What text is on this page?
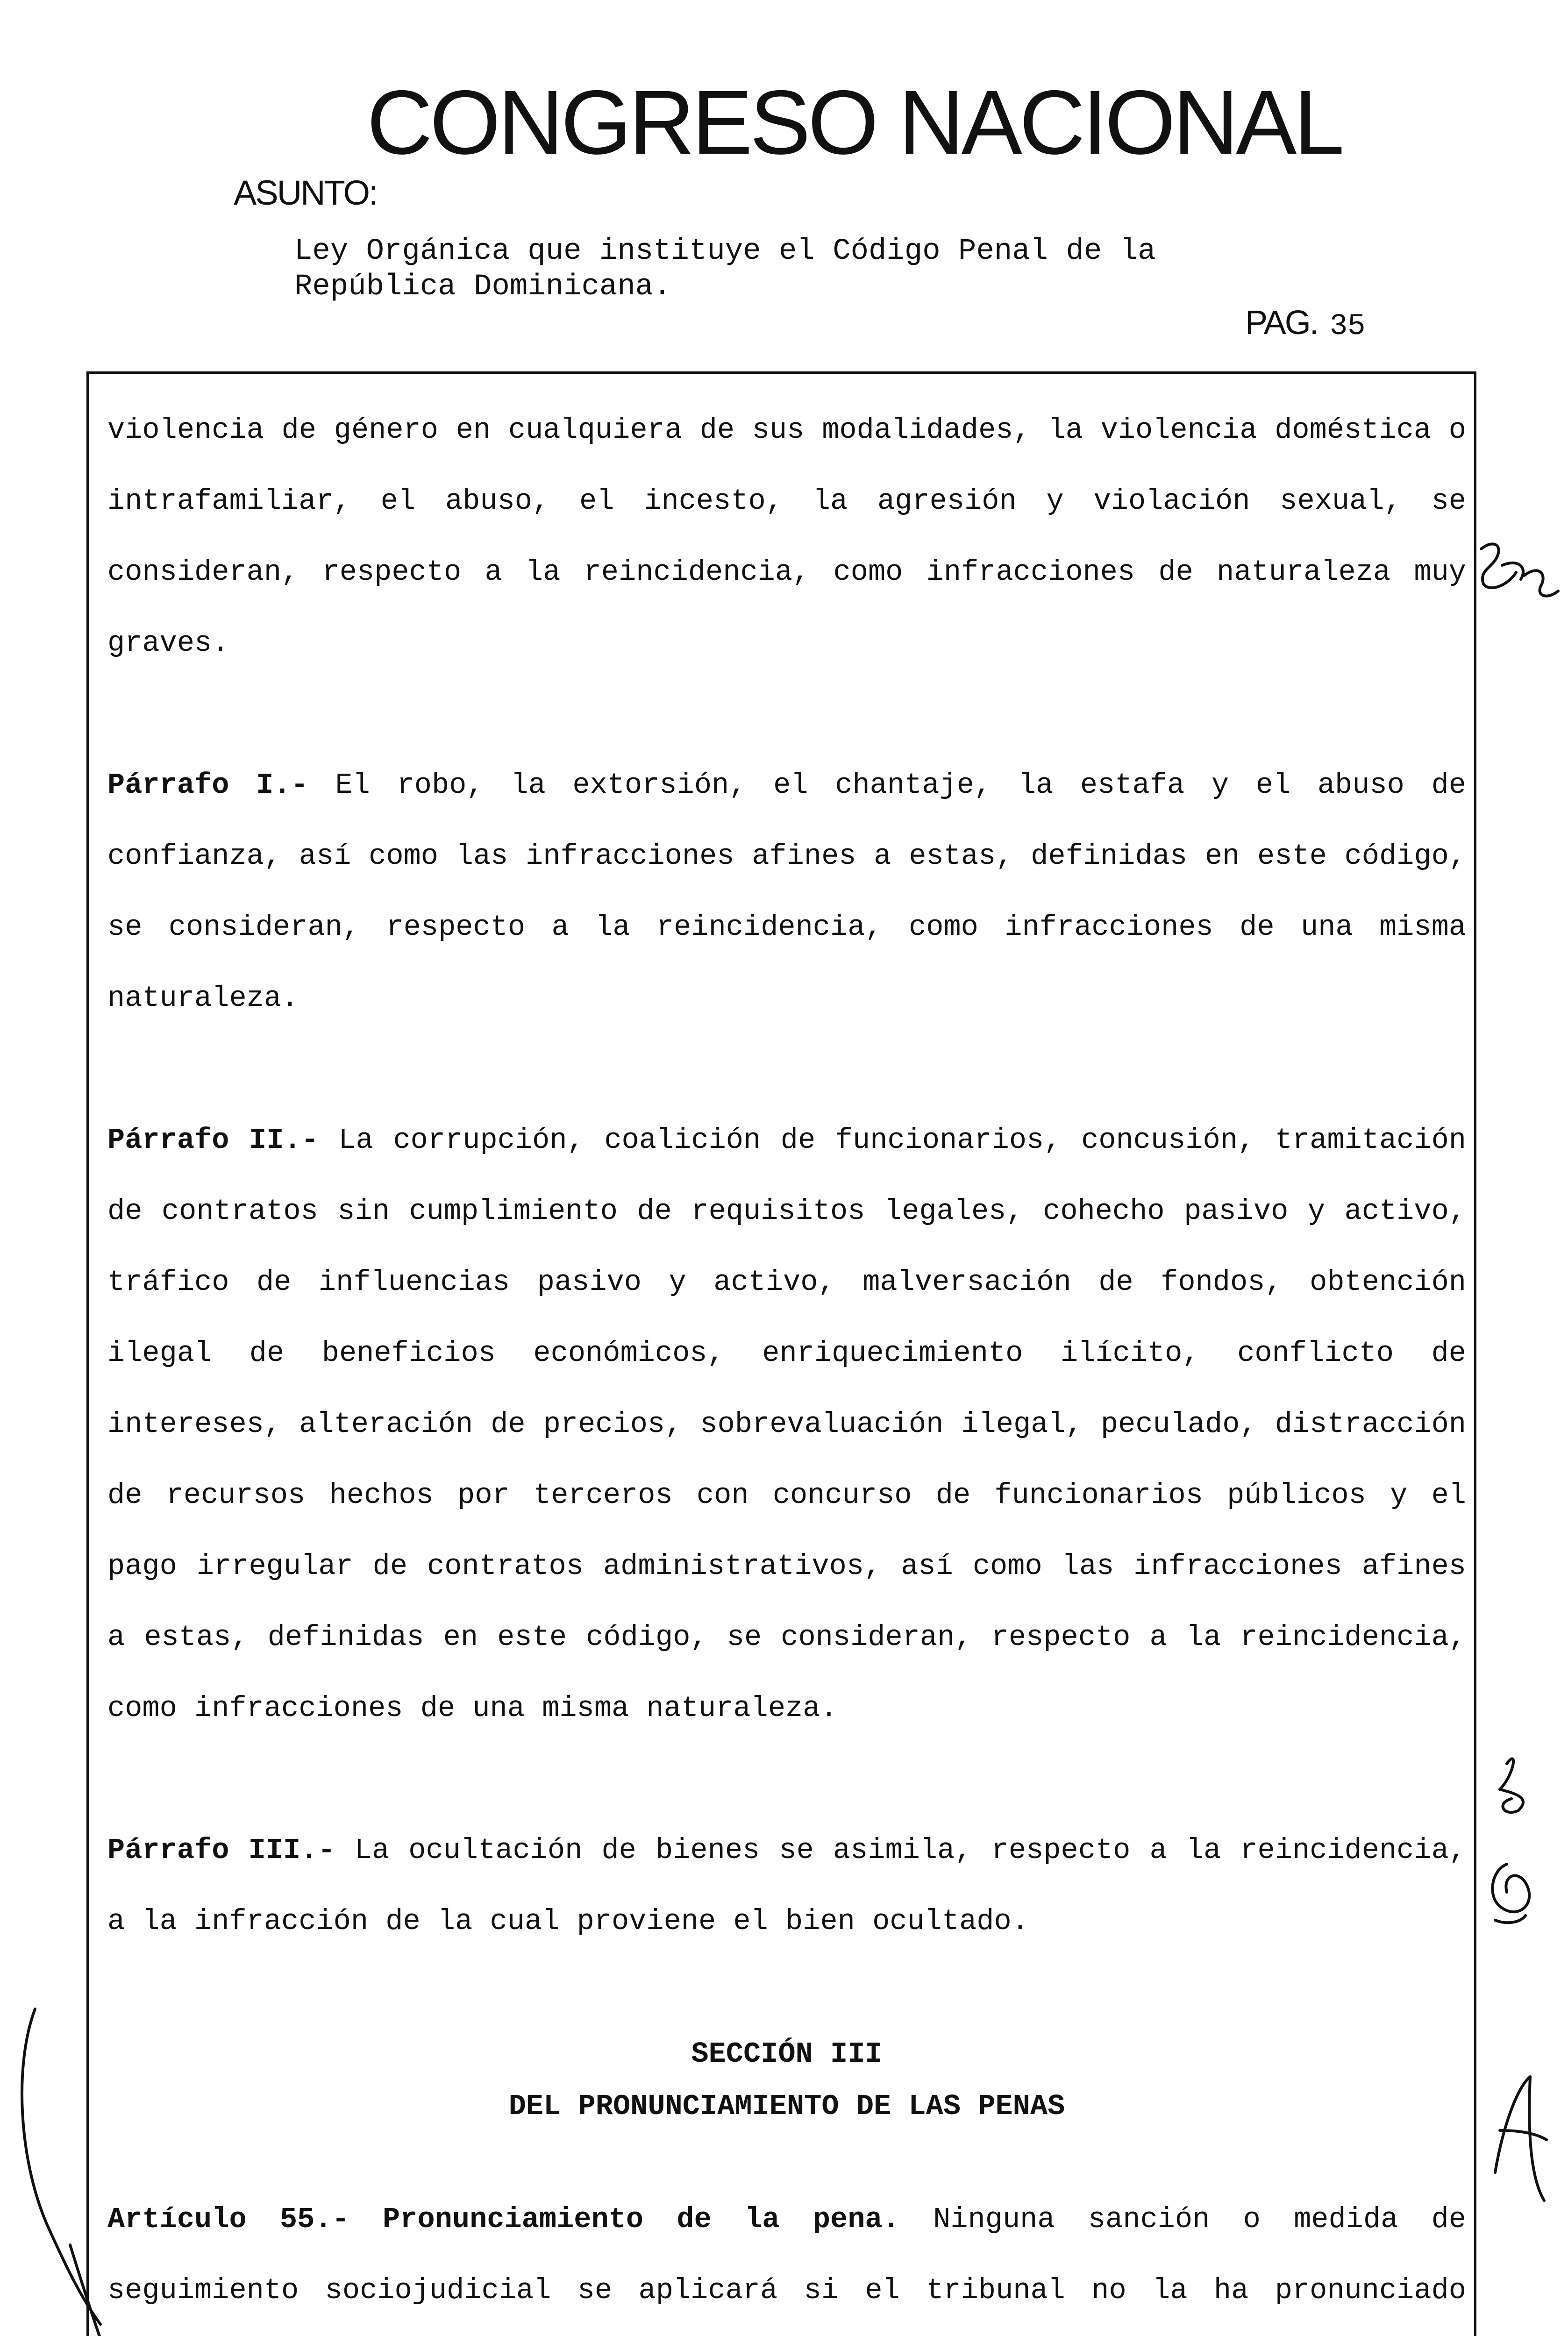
CONGRESO NACIONAL
ASUNTO:
Ley Orgánica que instituye el Código Penal de la República Dominicana.
PAG. 35

violencia de género en cualquiera de sus modalidades, la violencia doméstica o intrafamiliar, el abuso, el incesto, la agresión y violación sexual, se consideran, respecto a la reincidencia, como infracciones de naturaleza muy graves.

Párrafo I.- El robo, la extorsión, el chantaje, la estafa y el abuso de confianza, así como las infracciones afines a estas, definidas en este código, se consideran, respecto a la reincidencia, como infracciones de una misma naturaleza.

Párrafo II.- La corrupción, coalición de funcionarios, concusión, tramitación de contratos sin cumplimiento de requisitos legales, cohecho pasivo y activo, tráfico de influencias pasivo y activo, malversación de fondos, obtención ilegal de beneficios económicos, enriquecimiento ilícito, conflicto de intereses, alteración de precios, sobrevaluación ilegal, peculado, distracción de recursos hechos por terceros con concurso de funcionarios públicos y el pago irregular de contratos administrativos, así como las infracciones afines a estas, definidas en este código, se consideran, respecto a la reincidencia, como infracciones de una misma naturaleza.

Párrafo III.- La ocultación de bienes se asimila, respecto a la reincidencia, a la infracción de la cual proviene el bien ocultado.

SECCIÓN III
DEL PRONUNCIAMIENTO DE LAS PENAS

Artículo 55.- Pronunciamiento de la pena. Ninguna sanción o medida de seguimiento sociojudicial se aplicará si el tribunal no la ha pronunciado
